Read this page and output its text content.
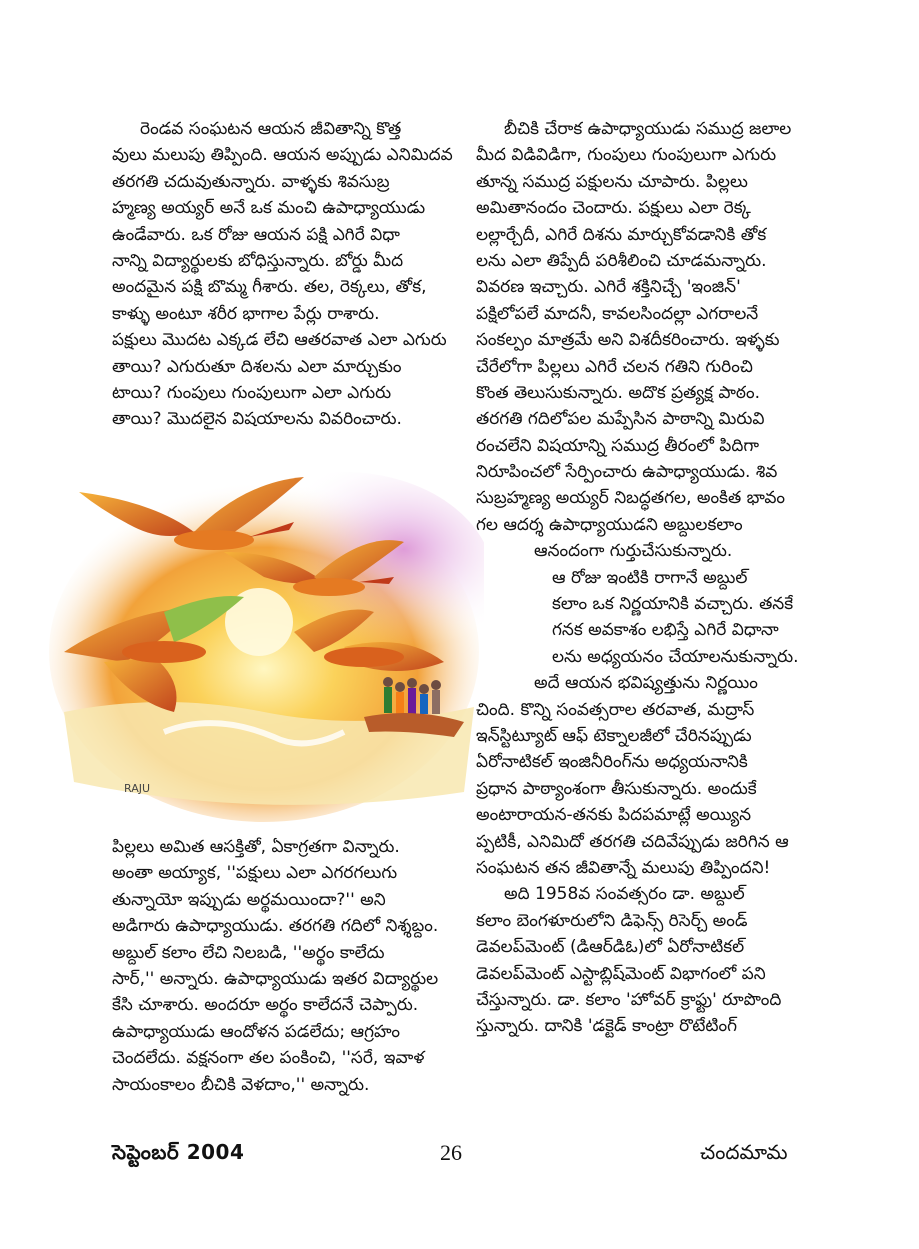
రెండవ సంఘటన ఆయన జీవితాన్ని కొత్త
వులు మలుపు తిప్పింది. ఆయన అప్పుడు ఎనిమిదవ
తరగతి చదువుతున్నారు. వాళ్ళకు శివసుబ్ర
హ్మణ్య అయ్యర్ అనే ఒక మంచి ఉపాధ్యాయుడు
ఉండేవారు. ఒక రోజు ఆయన పక్షి ఎగిరే విధా
నాన్ని విద్యార్థులకు బోధిస్తున్నారు. బోర్డు మీద
అందమైన పక్షి బొమ్మ గీశారు. తల, రెక్కలు, తోక,
కాళ్ళు అంటూ శరీర భాగాల పేర్లు రాశారు.
పక్షులు మొదట ఎక్కడ లేచి ఆతరవాత ఎలా ఎగురు
తాయి? ఎగురుతూ దిశలను ఎలా మార్చుకుం
టాయి? గుంపులు గుంపులుగా ఎలా ఎగురు
తాయి? మొదలైన విషయాలను వివరించారు.
RAJU
పిల్లలు అమిత ఆసక్తితో, ఏకాగ్రతగా విన్నారు.
అంతా అయ్యాక, ''పక్షులు ఎలా ఎగరగలుగు
తున్నాయో ఇప్పుడు అర్థమయిందా?'' అని
అడిగారు ఉపాధ్యాయుడు. తరగతి గదిలో నిశ్శబ్దం.
అబ్దుల్ కలాం లేచి నిలబడి, ''అర్థం కాలేదు
సార్,'' అన్నారు. ఉపాధ్యాయుడు ఇతర విద్యార్థుల
కేసి చూశారు. అందరూ అర్థం కాలేదనే చెప్పారు.
ఉపాధ్యాయుడు ఆందోళన పడలేదు; ఆగ్రహం
చెందలేదు. వక్షనంగా తల పంకించి, ''సరే, ఇవాళ
సాయంకాలం బీచికి వెళదాం,'' అన్నారు.
బీచికి చేరాక ఉపాధ్యాయుడు సముద్ర జలాల
మీద విడివిడిగా, గుంపులు గుంపులుగా ఎగురు
తూన్న సముద్ర పక్షులను చూపారు. పిల్లలు
అమితానందం చెందారు. పక్షులు ఎలా రెక్క
లల్లార్చేదీ, ఎగిరే దిశను మార్చుకోవడానికి తోక
లను ఎలా తిప్పేదీ పరిశీలించి చూడమన్నారు.
వివరణ ఇచ్చారు. ఎగిరే శక్తినిచ్చే 'ఇంజిన్'
పక్షిలోపలే మాదనీ, కావలసిందల్లా ఎగరాలనే
సంకల్పం మాత్రమే అని విశదీకరించారు. ఇళ్ళకు
చేరేలోగా పిల్లలు ఎగిరే చలన గతిని గురించి
కొంత తెలుసుకున్నారు. అదొక ప్రత్యక్ష పాఠం.
తరగతి గదిలోపల మప్పేసిన పాఠాన్ని మిరువి
రంచలేని విషయాన్ని సముద్ర తీరంలో పిదిగా
నిరూపించలో సేర్పించారు ఉపాధ్యాయుడు. శివ
సుబ్రహ్మణ్య అయ్యర్ నిబద్ధతగల, అంకిత భావం
గల ఆదర్శ ఉపాధ్యాయుడని అబ్దులకలాం
ఆనందంగా గుర్తుచేసుకున్నారు.
ఆ రోజు ఇంటికి రాగానే అబ్దుల్
కలాం ఒక నిర్ణయానికి వచ్చారు. తనకే
గనక అవకాశం లభిస్తే ఎగిరే విధానా
లను అధ్యయనం చేయాలనుకున్నారు.
అదే ఆయన భవిష్యత్తును నిర్ణయిం
చింది. కొన్ని సంవత్సరాల తరవాత, మద్రాస్
ఇన్‌స్టిట్యూట్ ఆఫ్ టెక్నాలజీలో చేరినప్పుడు
ఏరోనాటికల్ ఇంజినీరింగ్‌ను అధ్యయనానికి
ప్రధాన పాఠ్యాంశంగా తీసుకున్నారు. అందుకే
అంటారాయన-తనకు పిదపమాట్లే అయ్యిన
ప్పటికీ, ఎనిమిదో తరగతి చదివేప్పుడు జరిగిన ఆ
సంఘటన తన జీవితాన్నే మలుపు తిప్పిందని!
అది 1958వ సంవత్సరం డా. అబ్దుల్
కలాం బెంగళూరులోని డిఫెన్స్ రిసెర్చ్ అండ్
డెవలప్‌మెంట్ (డిఆర్‌డిఓ)లో ఏరోనాటికల్
డెవలప్‌మెంట్ ఎస్టాబ్లిష్‌మెంట్ విభాగంలో పని
చేస్తున్నారు. డా. కలాం 'హోవర్ క్రాఫ్టు' రూపొంది
స్తున్నారు. దానికి 'డక్టెడ్ కాంట్రా రొటేటింగ్
సెప్టెంబర్ 2004	26	చందమామ
